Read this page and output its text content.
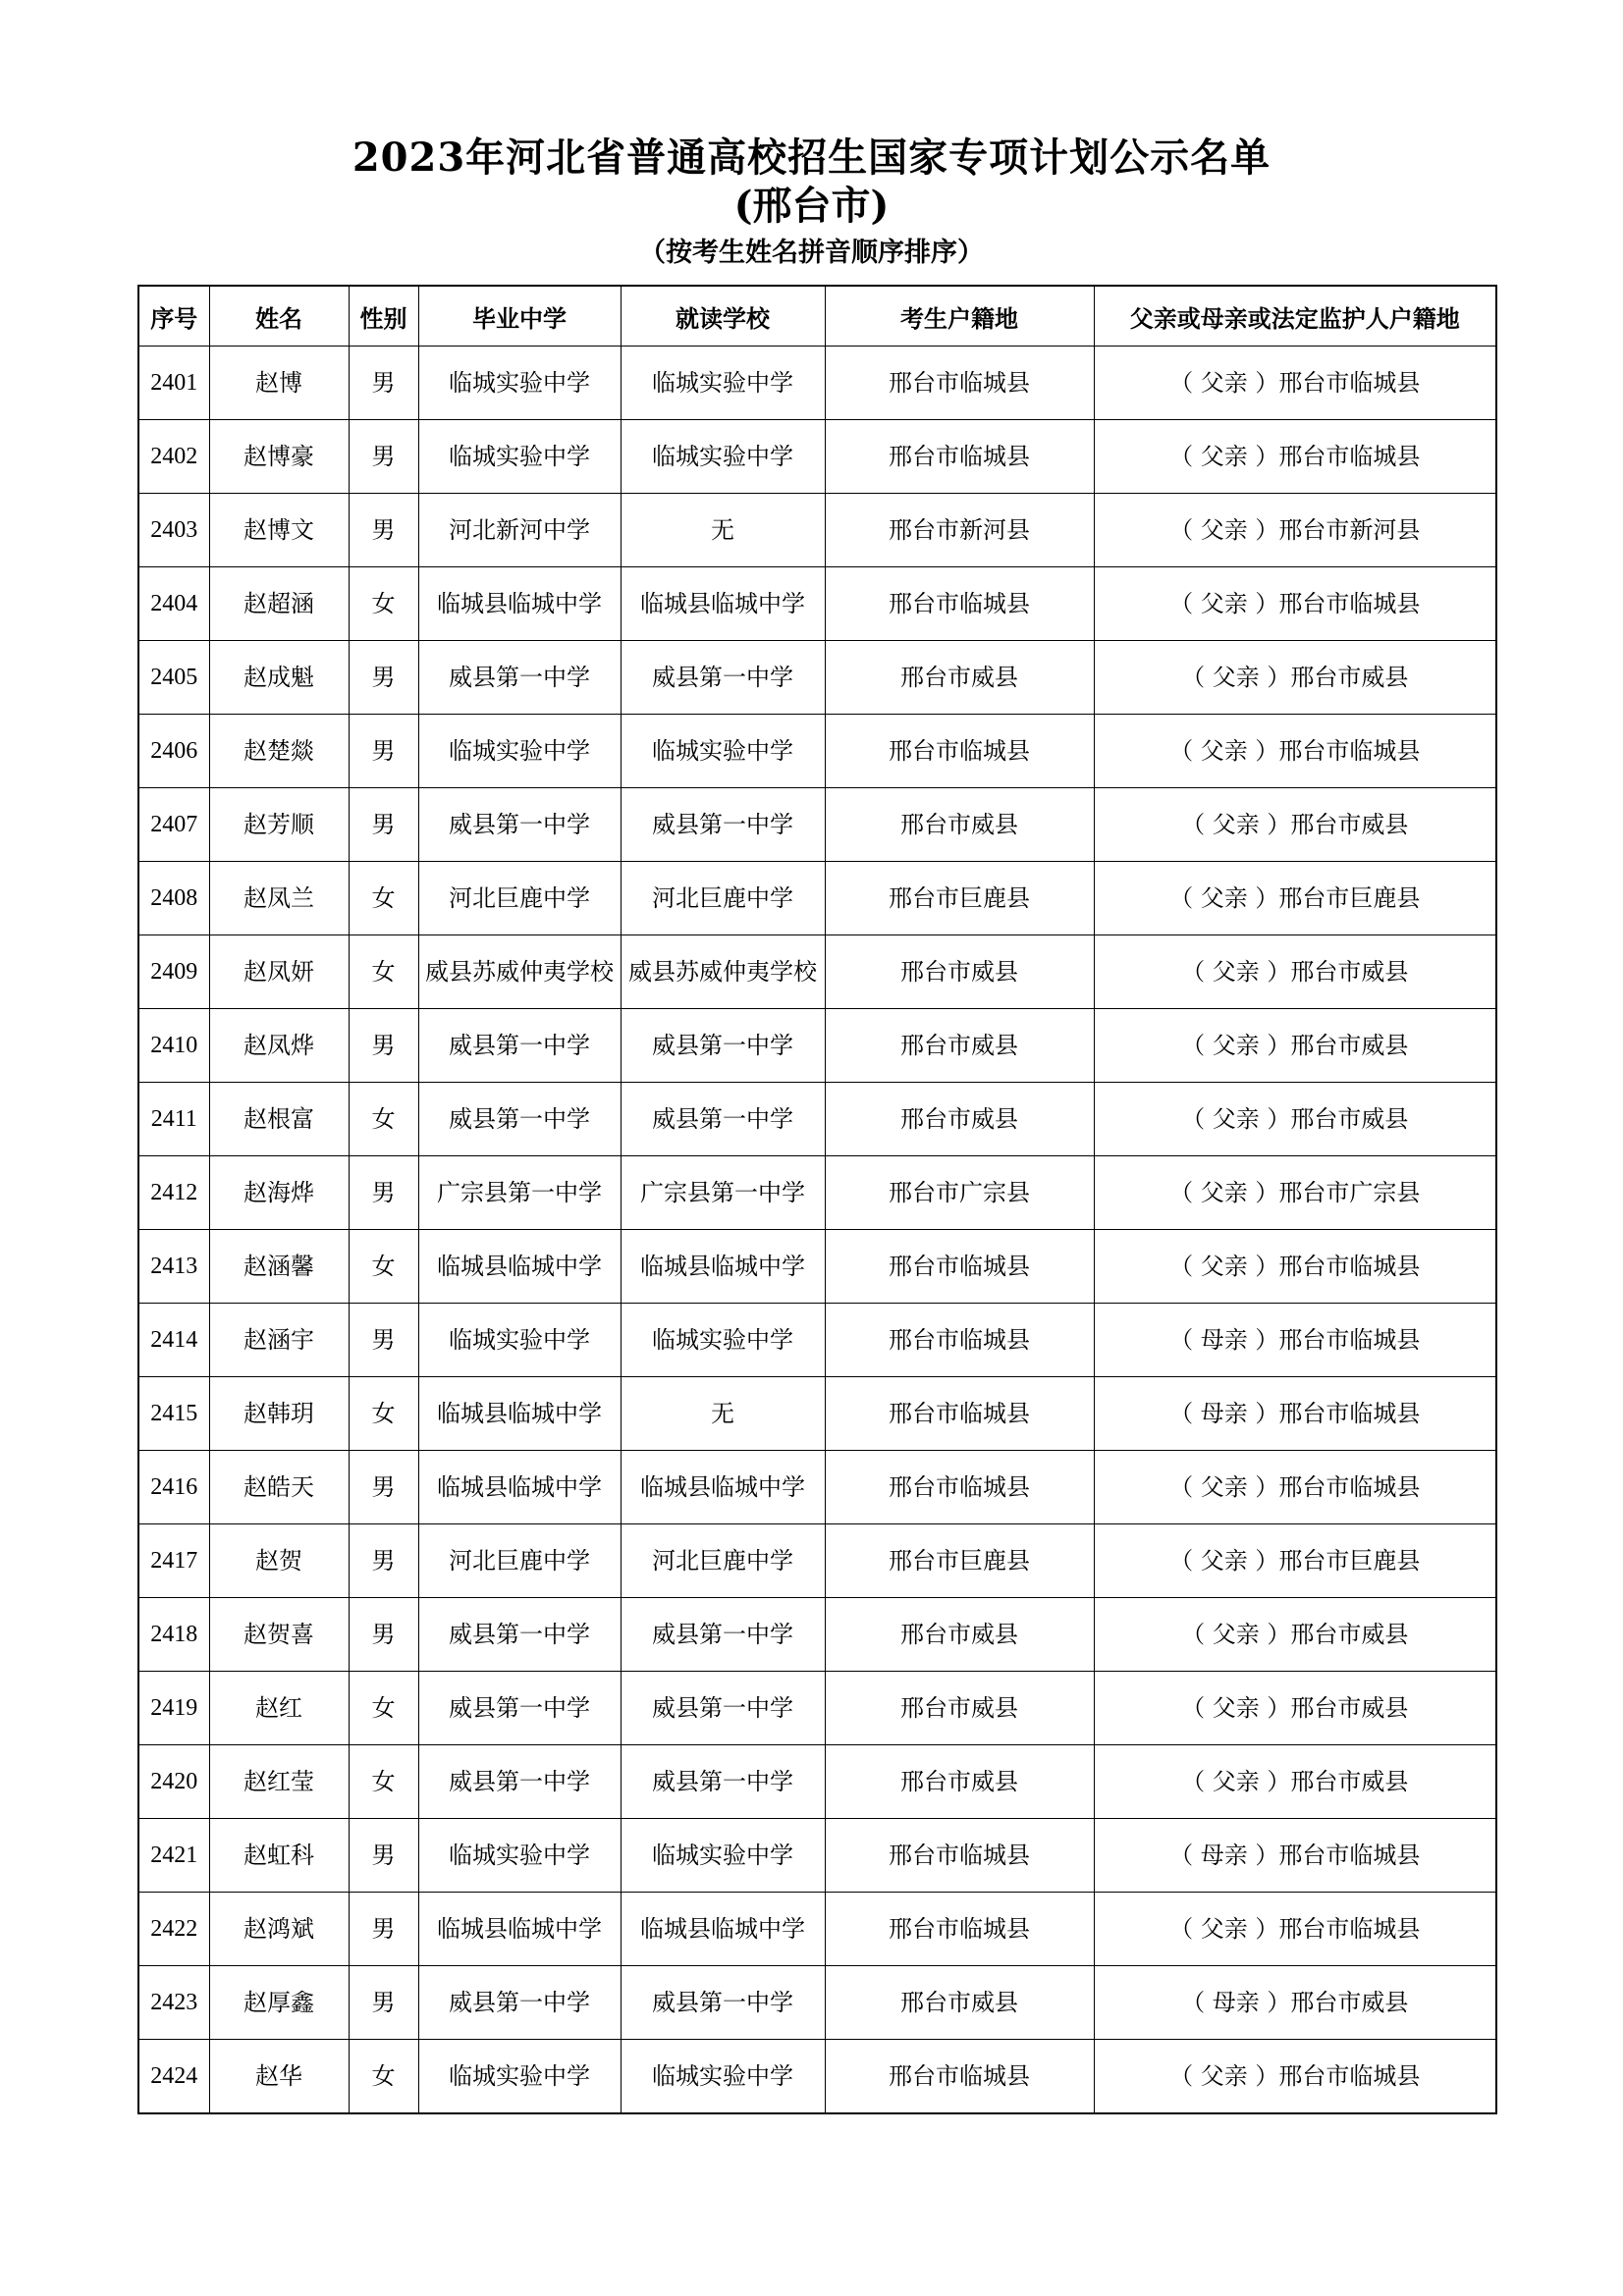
2023年河北省普通高校招生国家专项计划公示名单
(邢台市)
（按考生姓名拼音顺序排序）
序号	姓名	性别	毕业中学	就读学校	考生户籍地	父亲或母亲或法定监护人户籍地
2401	赵博	男	临城实验中学	临城实验中学	邢台市临城县	（ 父亲 ）邢台市临城县
2402	赵博豪	男	临城实验中学	临城实验中学	邢台市临城县	（ 父亲 ）邢台市临城县
2403	赵博文	男	河北新河中学	无	邢台市新河县	（ 父亲 ）邢台市新河县
2404	赵超涵	女	临城县临城中学	临城县临城中学	邢台市临城县	（ 父亲 ）邢台市临城县
2405	赵成魁	男	威县第一中学	威县第一中学	邢台市威县	（ 父亲 ）邢台市威县
2406	赵楚燚	男	临城实验中学	临城实验中学	邢台市临城县	（ 父亲 ）邢台市临城县
2407	赵芳顺	男	威县第一中学	威县第一中学	邢台市威县	（ 父亲 ）邢台市威县
2408	赵凤兰	女	河北巨鹿中学	河北巨鹿中学	邢台市巨鹿县	（ 父亲 ）邢台市巨鹿县
2409	赵凤妍	女	威县苏威仲夷学校	威县苏威仲夷学校	邢台市威县	（ 父亲 ）邢台市威县
2410	赵凤烨	男	威县第一中学	威县第一中学	邢台市威县	（ 父亲 ）邢台市威县
2411	赵根富	女	威县第一中学	威县第一中学	邢台市威县	（ 父亲 ）邢台市威县
2412	赵海烨	男	广宗县第一中学	广宗县第一中学	邢台市广宗县	（ 父亲 ）邢台市广宗县
2413	赵涵馨	女	临城县临城中学	临城县临城中学	邢台市临城县	（ 父亲 ）邢台市临城县
2414	赵涵宇	男	临城实验中学	临城实验中学	邢台市临城县	（ 母亲 ）邢台市临城县
2415	赵韩玥	女	临城县临城中学	无	邢台市临城县	（ 母亲 ）邢台市临城县
2416	赵皓天	男	临城县临城中学	临城县临城中学	邢台市临城县	（ 父亲 ）邢台市临城县
2417	赵贺	男	河北巨鹿中学	河北巨鹿中学	邢台市巨鹿县	（ 父亲 ）邢台市巨鹿县
2418	赵贺喜	男	威县第一中学	威县第一中学	邢台市威县	（ 父亲 ）邢台市威县
2419	赵红	女	威县第一中学	威县第一中学	邢台市威县	（ 父亲 ）邢台市威县
2420	赵红莹	女	威县第一中学	威县第一中学	邢台市威县	（ 父亲 ）邢台市威县
2421	赵虹科	男	临城实验中学	临城实验中学	邢台市临城县	（ 母亲 ）邢台市临城县
2422	赵鸿斌	男	临城县临城中学	临城县临城中学	邢台市临城县	（ 父亲 ）邢台市临城县
2423	赵厚鑫	男	威县第一中学	威县第一中学	邢台市威县	（ 母亲 ）邢台市威县
2424	赵华	女	临城实验中学	临城实验中学	邢台市临城县	（ 父亲 ）邢台市临城县
